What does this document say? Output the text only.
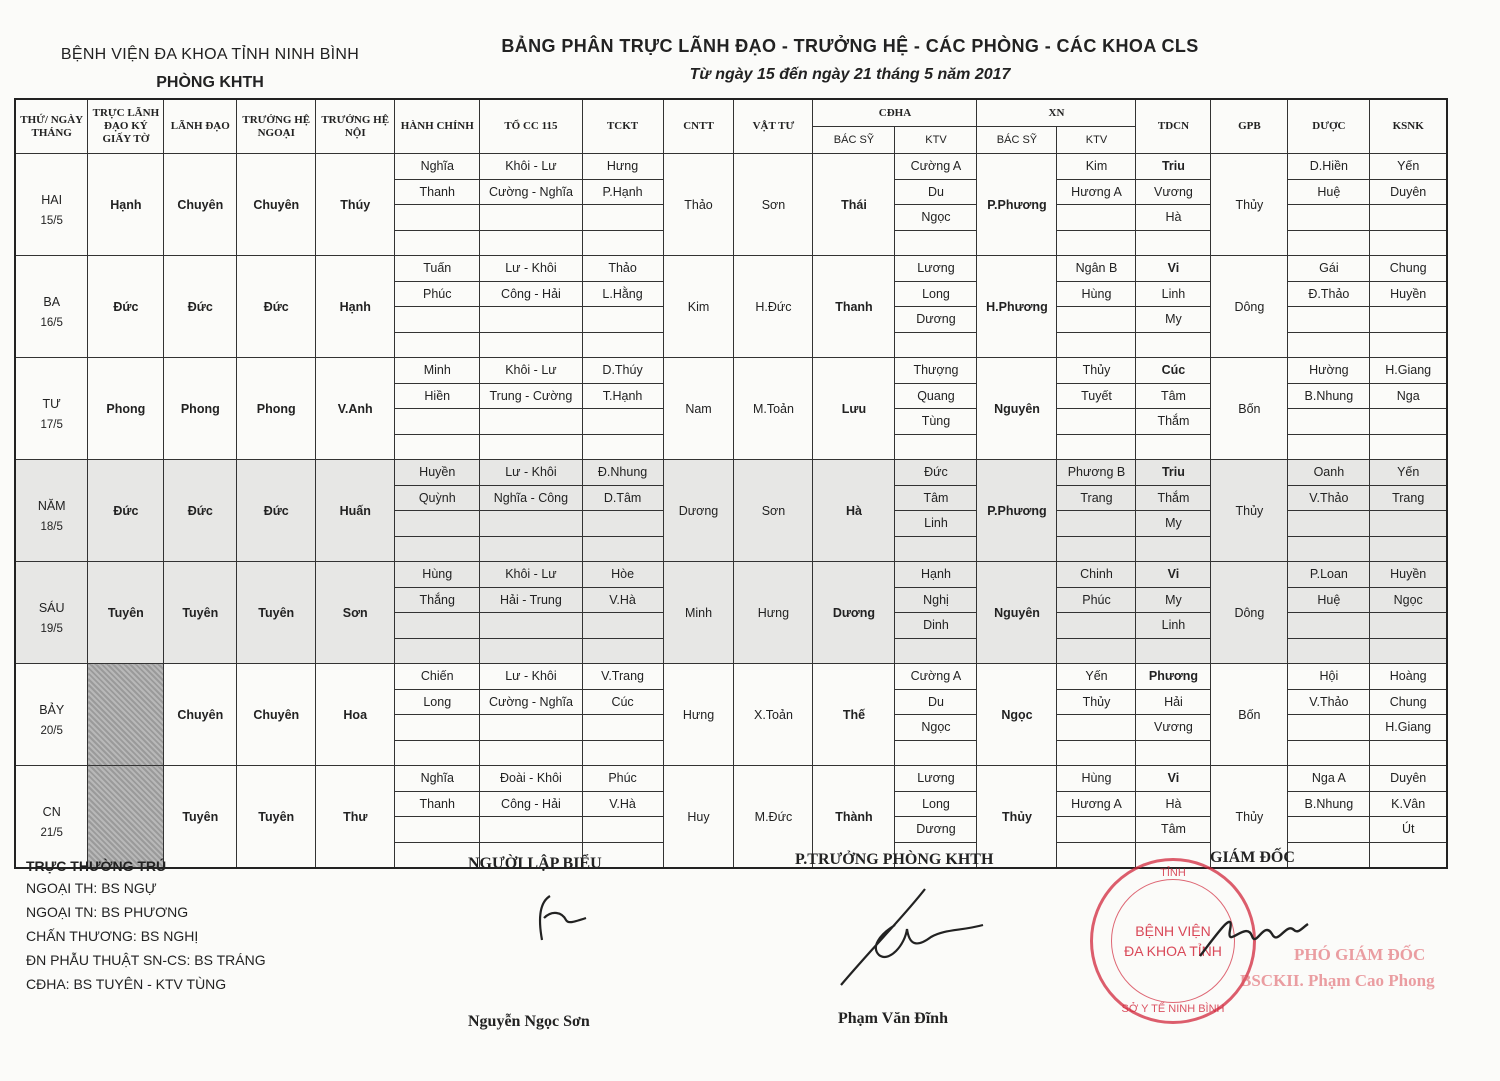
BỆNH VIỆN ĐA KHOA TỈNH NINH BÌNH
PHÒNG KHTH
BẢNG PHÂN TRỰC LÃNH ĐẠO - TRƯỞNG HỆ - CÁC PHÒNG - CÁC KHOA CLS
Từ ngày 15 đến ngày 21 tháng 5 năm 2017
THỨ/ NGÀY THÁNG	TRỰC LÃNH ĐẠO KÝ GIẤY TỜ	LÃNH ĐẠO	TRƯỞNG HỆ NGOẠI	TRƯỞNG HỆ NỘI	HÀNH CHÍNH	TỔ CC 115	TCKT	CNTT	VẬT TƯ	CĐHA		XN		TDCN	GPB	DƯỢC	KSNK
										BÁC SỸ	KTV	BÁC SỸ	KTV				

HAI
15/5	Hạnh	Chuyên	Chuyên	Thúy	Nghĩa	Khôi - Lư	Hưng	Thảo	Sơn	Thái	Cường A	P.Phương	Kim	Triu	Thủy	D.Hiền	Yến
					Thanh	Cường - Nghĩa	P.Hạnh				Du		Hương A	Vương		Huệ	Duyên
											Ngọc			Hà			

BA
16/5	Đức	Đức	Đức	Hạnh	Tuấn	Lư - Khôi	Thảo	Kim	H.Đức	Thanh	Lương	H.Phương	Ngân B	Vi	Dông	Gái	Chung
					Phúc	Công - Hải	L.Hằng				Long		Hùng	Linh		Đ.Thảo	Huyền
											Dương			My			

TƯ
17/5	Phong	Phong	Phong	V.Anh	Minh	Khôi - Lư	D.Thúy	Nam	M.Toản	Lưu	Thượng	Nguyên	Thủy	Cúc	Bốn	Hường	H.Giang
					Hiền	Trung - Cường	T.Hạnh				Quang		Tuyết	Tâm		B.Nhung	Nga
											Tùng			Thắm			

NĂM
18/5	Đức	Đức	Đức	Huấn	Huyền	Lư - Khôi	Đ.Nhung	Dương	Sơn	Hà	Đức	P.Phương	Phương B	Triu	Thủy	Oanh	Yến
					Quỳnh	Nghĩa - Công	D.Tâm				Tâm		Trang	Thắm		V.Thảo	Trang
											Linh			My			

SÁU
19/5	Tuyên	Tuyên	Tuyên	Sơn	Hùng	Khôi - Lư	Hòe	Minh	Hưng	Dương	Hạnh	Nguyên	Chinh	Vi	Dông	P.Loan	Huyền
					Thắng	Hải - Trung	V.Hà				Nghị		Phúc	My		Huệ	Ngọc
											Dinh			Linh			

BẢY
20/5		Chuyên	Chuyên	Hoa	Chiến	Lư - Khôi	V.Trang	Hưng	X.Toản	Thế	Cường A	Ngọc	Yến	Phương	Bốn	Hội	Hoàng
					Long	Cường - Nghĩa	Cúc				Du		Thủy	Hải		V.Thảo	Chung
											Ngọc			Vương			H.Giang

CN
21/5		Tuyên	Tuyên	Thư	Nghĩa	Đoài - Khôi	Phúc	Huy	M.Đức	Thành	Lương	Thủy	Hùng	Vi	Thủy	Nga A	Duyên
					Thanh	Công - Hải	V.Hà				Long		Hương A	Hà		B.Nhung	K.Vân
											Dương			Tâm			Út

TRỰC THƯỜNG TRÚ
NGOẠI TH: BS NGỰ
NGOẠI TN: BS PHƯƠNG
CHẤN THƯƠNG: BS NGHỊ
ĐN PHẪU THUẬT SN-CS: BS TRÁNG
CĐHA: BS TUYÊN - KTV TÙNG
NGƯỜI LẬP BIỂU
Nguyễn Ngọc Sơn
P.TRƯỞNG PHÒNG KHTH
Phạm Văn Đĩnh
GIÁM ĐỐC
TỈNH
BỆNH VIỆN
ĐA KHOA TỈNH
SỞ Y TẾ NINH BÌNH
PHÓ GIÁM ĐỐC
BSCKII. Phạm Cao Phong
